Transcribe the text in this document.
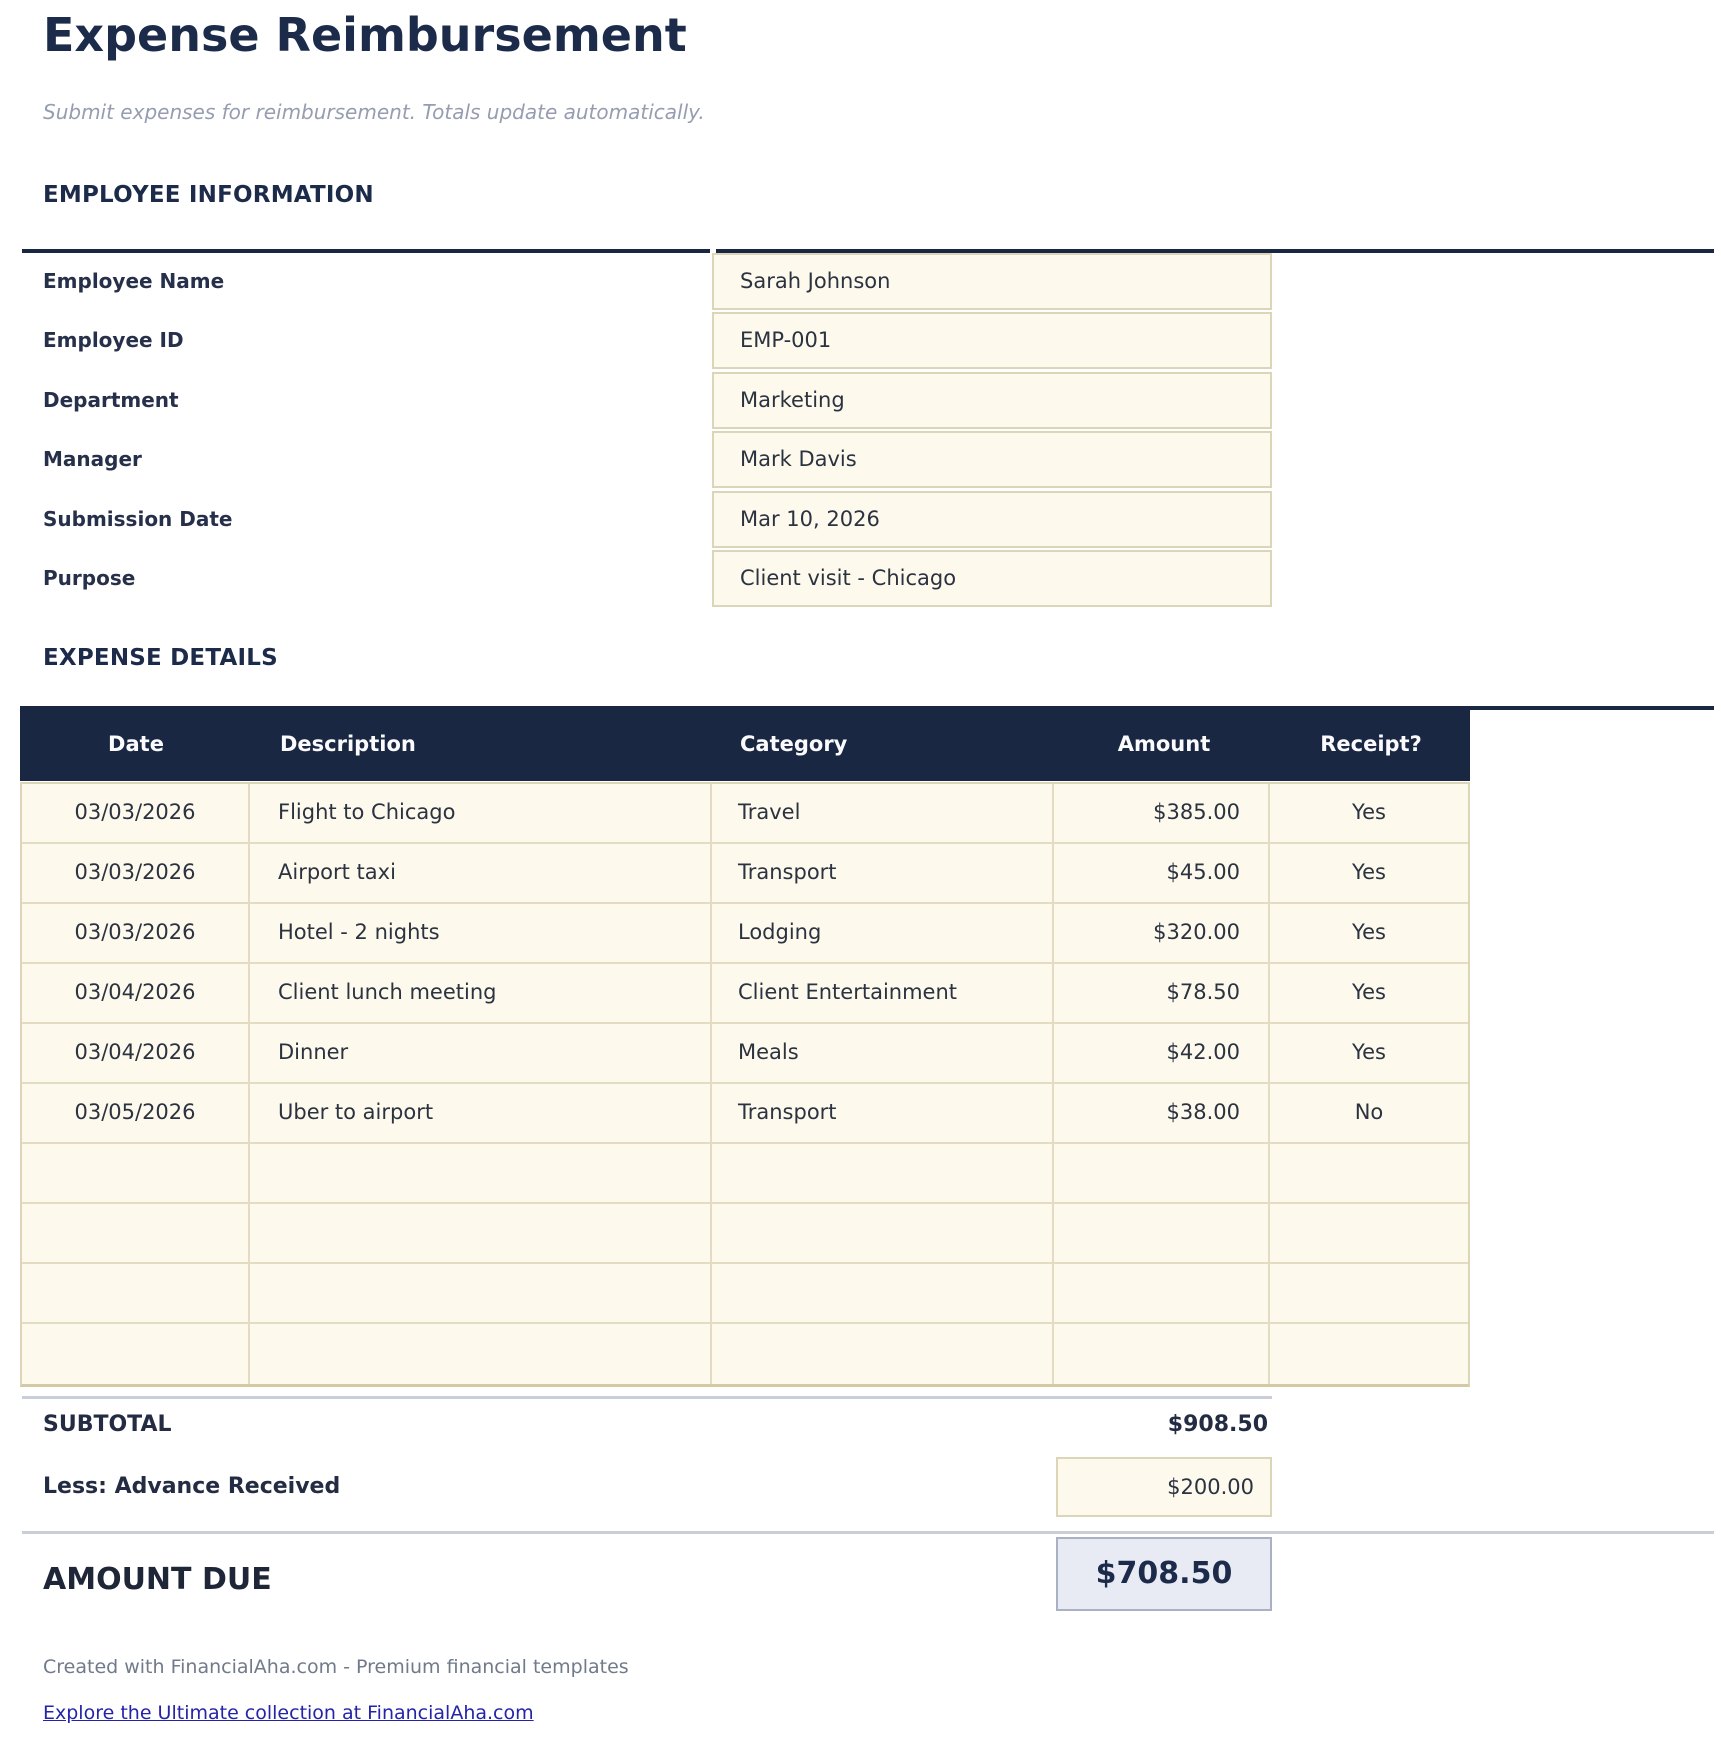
Expense Reimbursement
Submit expenses for reimbursement. Totals update automatically.
EMPLOYEE INFORMATION
Employee Name	Sarah Johnson
Employee ID	EMP-001
Department	Marketing
Manager	Mark Davis
Submission Date	Mar 10, 2026
Purpose	Client visit - Chicago
EXPENSE DETAILS
Date	Description	Category	Amount	Receipt?
03/03/2026	Flight to Chicago	Travel	$385.00	Yes
03/03/2026	Airport taxi	Transport	$45.00	Yes
03/03/2026	Hotel - 2 nights	Lodging	$320.00	Yes
03/04/2026	Client lunch meeting	Client Entertainment	$78.50	Yes
03/04/2026	Dinner	Meals	$42.00	Yes
03/05/2026	Uber to airport	Transport	$38.00	No
SUBTOTAL	$908.50
Less: Advance Received	$200.00
AMOUNT DUE	$708.50
Created with FinancialAha.com - Premium financial templates
Explore the Ultimate collection at FinancialAha.com
